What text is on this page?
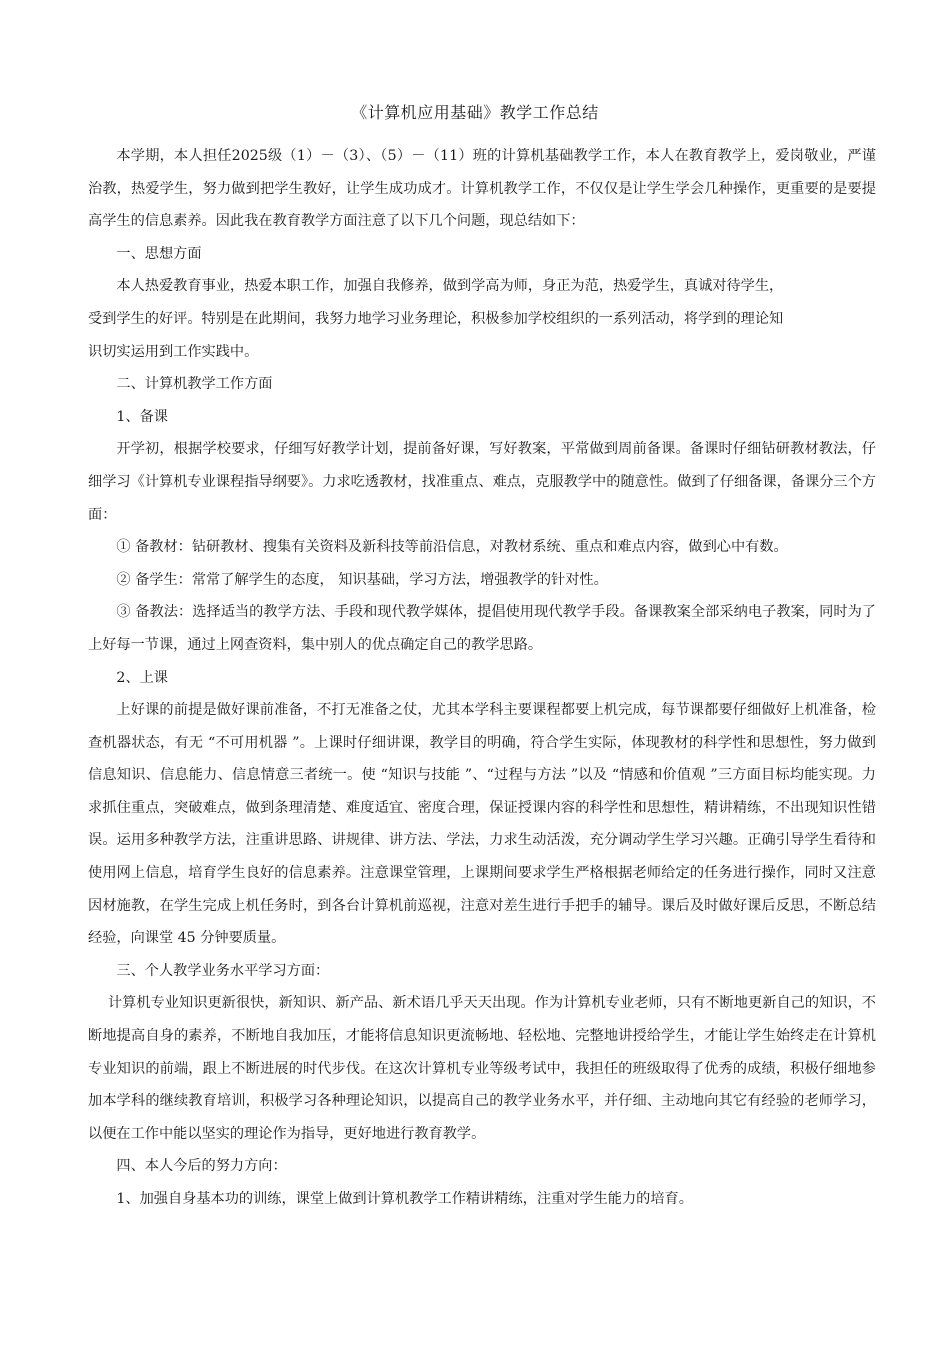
《计算机应用基础》教学工作总结

本学期，本人担任2025级（1）－（3）、（5）－（11）班的计算机基础教学工作，本人在教育教学上，爱岗敬业，严谨治教，热爱学生，努力做到把学生教好，让学生成功成才。计算机教学工作，不仅仅是让学生学会几种操作，更重要的是要提高学生的信息素养。因此我在教育教学方面注意了以下几个问题，现总结如下：

一、思想方面

本人热爱教育事业，热爱本职工作，加强自我修养，做到学高为师，身正为范，热爱学生，真诚对待学生，
受到学生的好评。特别是在此期间，我努力地学习业务理论，积极参加学校组织的一系列活动，将学到的理论知
识切实运用到工作实践中。

二、计算机教学工作方面

1、备课

开学初，根据学校要求，仔细写好教学计划，提前备好课，写好教案，平常做到周前备课。备课时仔细钻研教材教法，仔细学习《计算机专业课程指导纲要》。力求吃透教材，找准重点、难点，克服教学中的随意性。做到了仔细备课，备课分三个方面：

① 备教材：钻研教材、搜集有关资料及新科技等前沿信息，对教材系统、重点和难点内容，做到心中有数。

② 备学生：常常了解学生的态度， 知识基础，学习方法，增强教学的针对性。

③ 备教法：选择适当的教学方法、手段和现代教学媒体，提倡使用现代教学手段。备课教案全部采纳电子教案，同时为了上好每一节课，通过上网查资料，集中别人的优点确定自己的教学思路。

2、上课

上好课的前提是做好课前准备，不打无准备之仗，尤其本学科主要课程都要上机完成，每节课都要仔细做好上机准备，检查机器状态，有无 “不可用机器 ”。上课时仔细讲课，教学目的明确，符合学生实际，体现教材的科学性和思想性，努力做到信息知识、信息能力、信息情意三者统一。使 “知识与技能 ”、“过程与方法 ”以及 “情感和价值观 ”三方面目标均能实现。力求抓住重点，突破难点，做到条理清楚、难度适宜、密度合理，保证授课内容的科学性和思想性，精讲精练，不出现知识性错误。运用多种教学方法，注重讲思路、讲规律、讲方法、学法，力求生动活泼，充分调动学生学习兴趣。正确引导学生看待和使用网上信息，培育学生良好的信息素养。注意课堂管理，上课期间要求学生严格根据老师给定的任务进行操作，同时又注意因材施教，在学生完成上机任务时，到各台计算机前巡视，注意对差生进行手把手的辅导。课后及时做好课后反思，不断总结经验，向课堂 45 分钟要质量。

三、个人教学业务水平学习方面：

计算机专业知识更新很快，新知识、新产品、新术语几乎天天出现。作为计算机专业老师，只有不断地更新自己的知识，不断地提高自身的素养，不断地自我加压，才能将信息知识更流畅地、轻松地、完整地讲授给学生，才能让学生始终走在计算机专业知识的前端，跟上不断进展的时代步伐。在这次计算机专业等级考试中，我担任的班级取得了优秀的成绩，积极仔细地参加本学科的继续教育培训，积极学习各种理论知识，以提高自己的教学业务水平，并仔细、主动地向其它有经验的老师学习，以便在工作中能以坚实的理论作为指导，更好地进行教育教学。

四、本人今后的努力方向：

1、加强自身基本功的训练，课堂上做到计算机教学工作精讲精练，注重对学生能力的培育。
